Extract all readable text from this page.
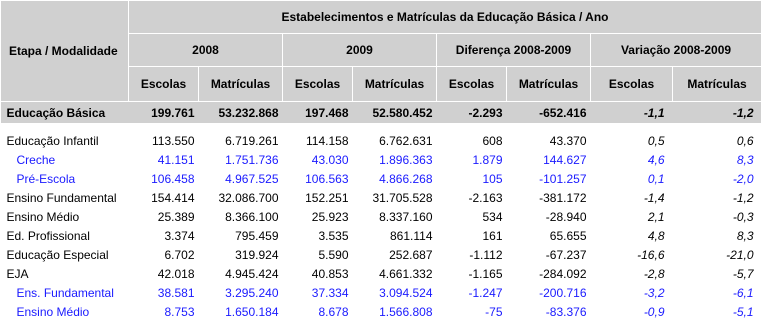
Etapa / Modalidade	Estabelecimentos e Matrículas da Educação Básica / Ano							
	2008		2009		Diferença 2008-2009		Variação 2008-2009	
	Escolas	Matrículas	Escolas	Matrículas	Escolas	Matrículas	Escolas	Matrículas
Educação Básica	199.761	53.232.868	197.468	52.580.452	-2.293	-652.416	-1,1	-1,2

Educação Infantil	113.550	6.719.261	114.158	6.762.631	608	43.370	0,5	0,6
Creche	41.151	1.751.736	43.030	1.896.363	1.879	144.627	4,6	8,3
Pré-Escola	106.458	4.967.525	106.563	4.866.268	105	-101.257	0,1	-2,0
Ensino Fundamental	154.414	32.086.700	152.251	31.705.528	-2.163	-381.172	-1,4	-1,2
Ensino Médio	25.389	8.366.100	25.923	8.337.160	534	-28.940	2,1	-0,3
Ed. Profissional	3.374	795.459	3.535	861.114	161	65.655	4,8	8,3
Educação Especial	6.702	319.924	5.590	252.687	-1.112	-67.237	-16,6	-21,0
EJA	42.018	4.945.424	40.853	4.661.332	-1.165	-284.092	-2,8	-5,7
Ens. Fundamental	38.581	3.295.240	37.334	3.094.524	-1.247	-200.716	-3,2	-6,1
Ensino Médio	8.753	1.650.184	8.678	1.566.808	-75	-83.376	-0,9	-5,1
